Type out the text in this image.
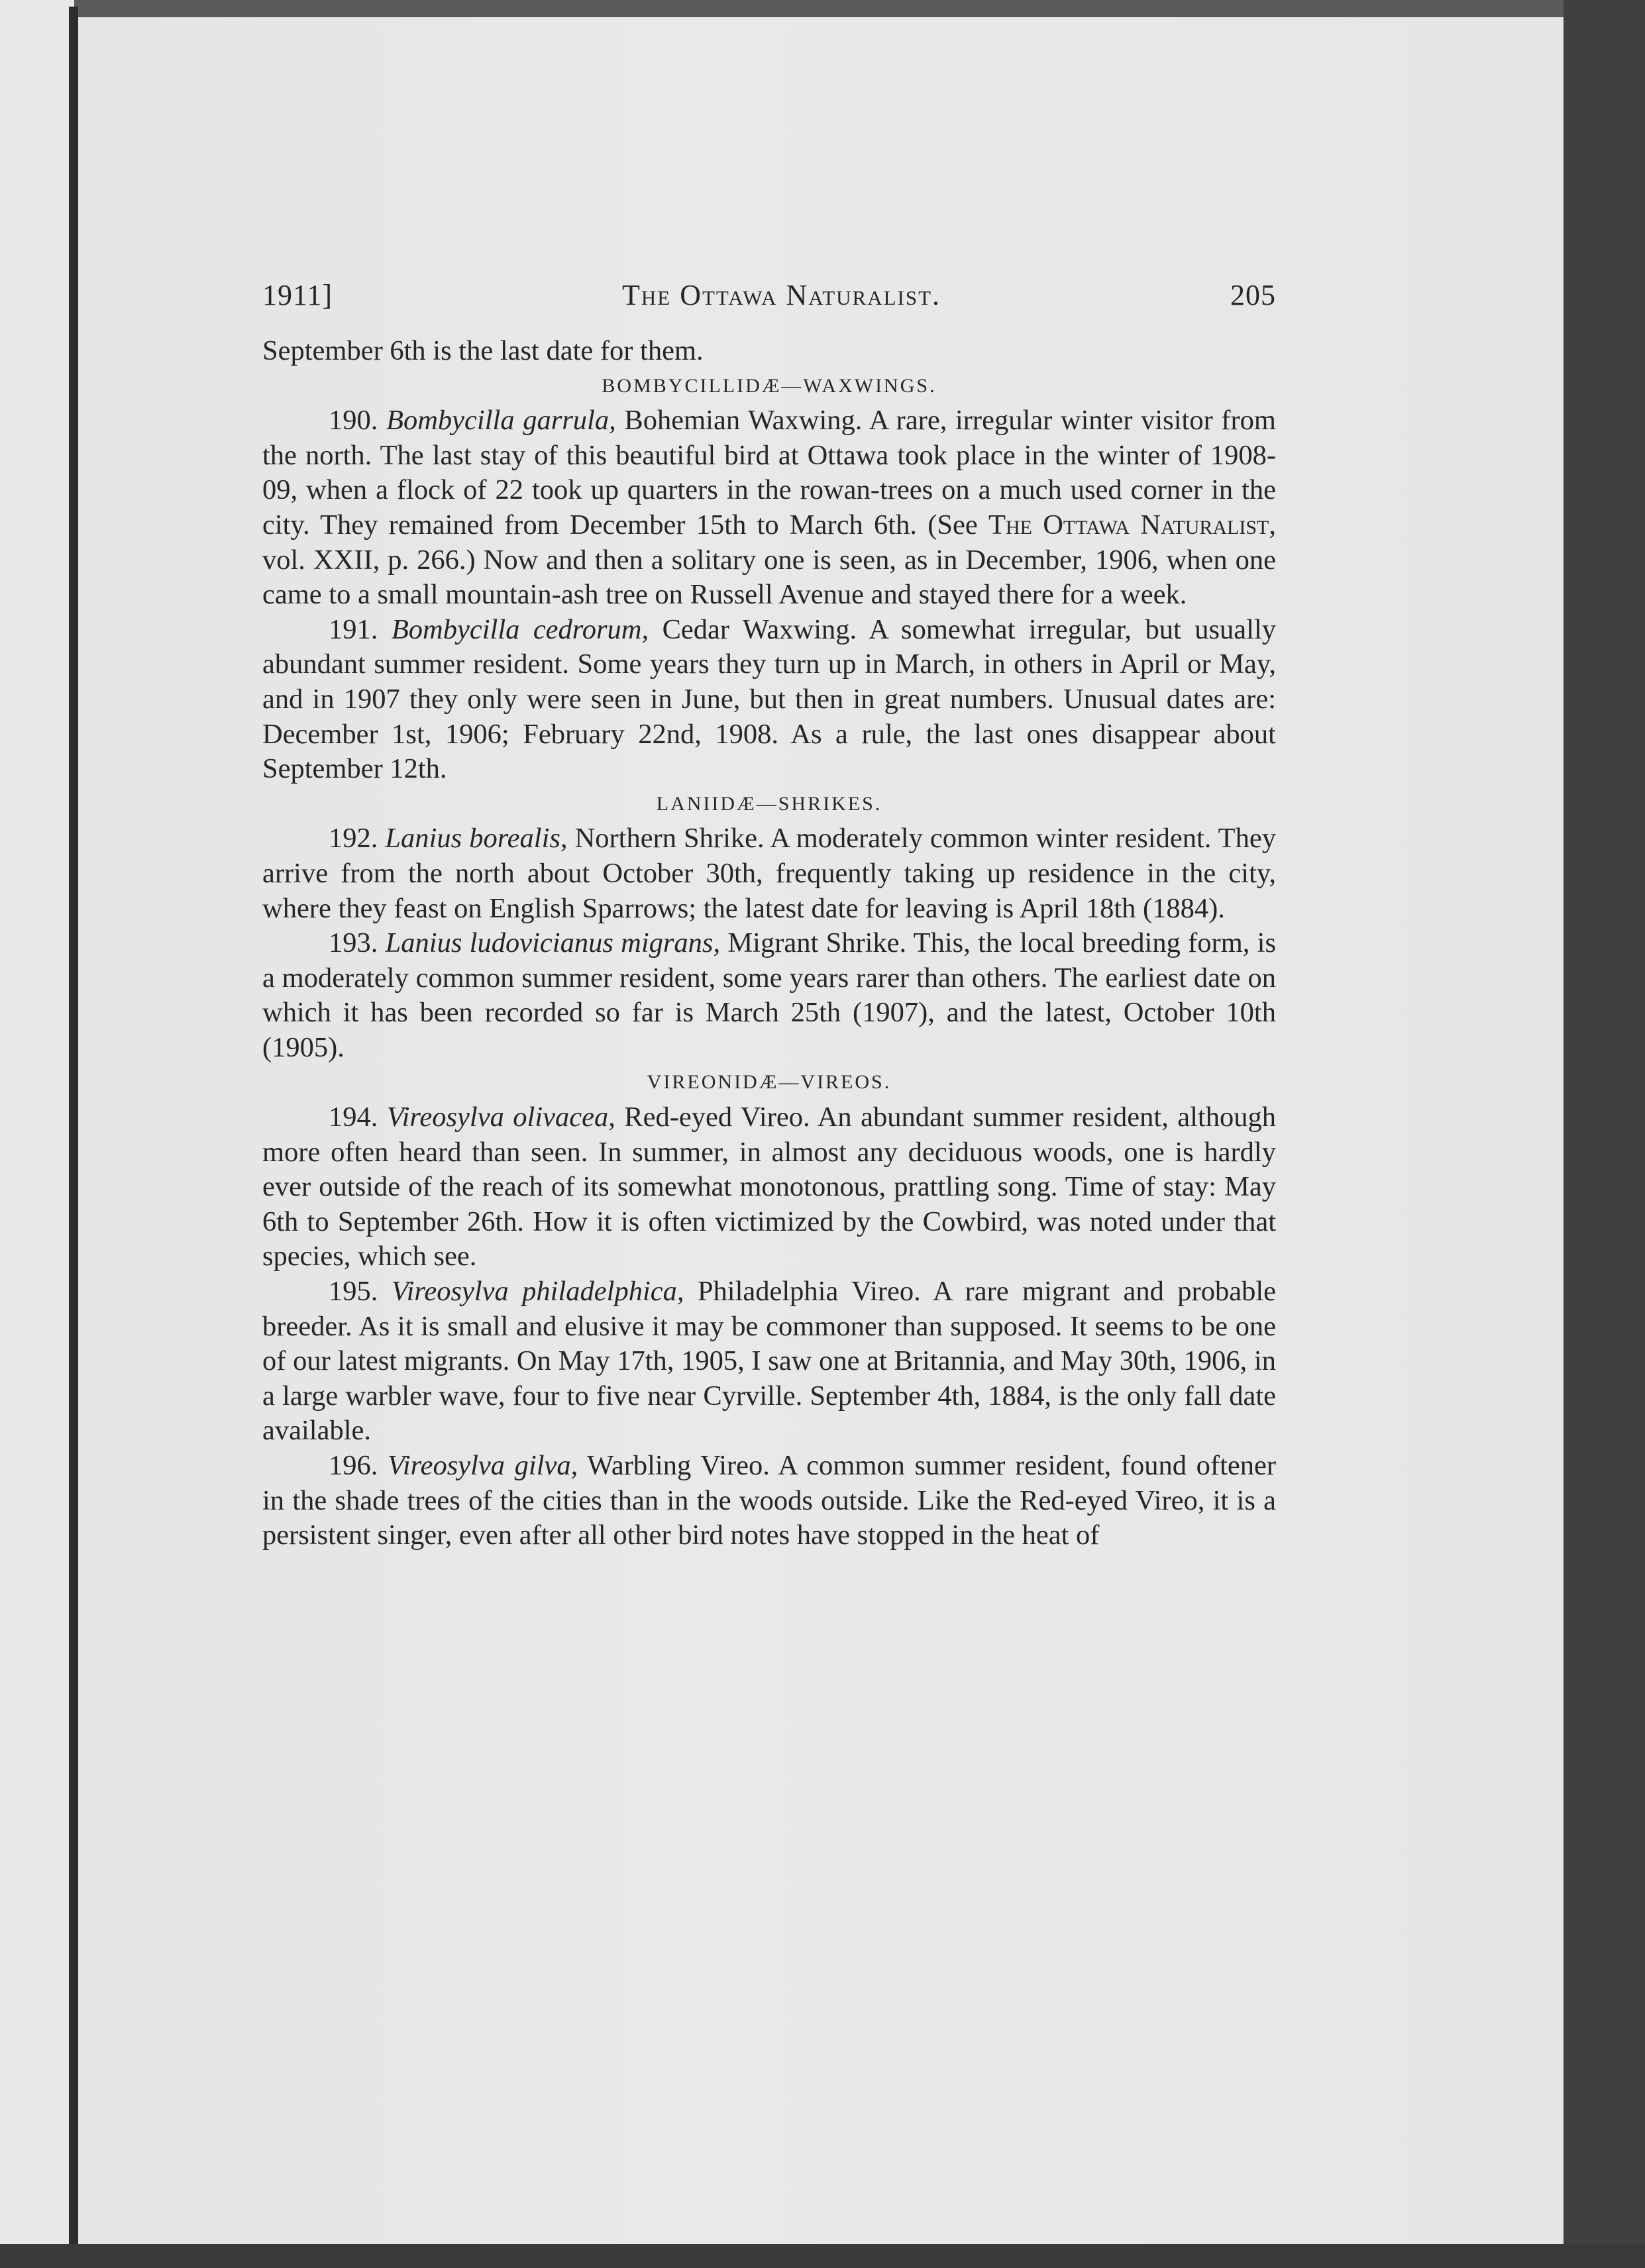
1911]	The Ottawa Naturalist.	205
September 6th is the last date for them.
BOMBYCILLIDÆ—WAXWINGS.

190. Bombycilla garrula, Bohemian Waxwing. A rare, irregular winter visitor from the north. The last stay of this beautiful bird at Ottawa took place in the winter of 1908-09, when a flock of 22 took up quarters in the rowan-trees on a much used corner in the city. They remained from December 15th to March 6th. (See The Ottawa Naturalist, vol. XXII, p. 266.) Now and then a solitary one is seen, as in December, 1906, when one came to a small mountain-ash tree on Russell Avenue and stayed there for a week.

191. Bombycilla cedrorum, Cedar Waxwing. A somewhat irregular, but usually abundant summer resident. Some years they turn up in March, in others in April or May, and in 1907 they only were seen in June, but then in great numbers. Unusual dates are: December 1st, 1906; February 22nd, 1908. As a rule, the last ones disappear about September 12th.

LANIIDÆ—SHRIKES.

192. Lanius borealis, Northern Shrike. A moderately common winter resident. They arrive from the north about October 30th, frequently taking up residence in the city, where they feast on English Sparrows; the latest date for leaving is April 18th (1884).

193. Lanius ludovicianus migrans, Migrant Shrike. This, the local breeding form, is a moderately common summer resident, some years rarer than others. The earliest date on which it has been recorded so far is March 25th (1907), and the latest, October 10th (1905).

VIREONIDÆ—VIREOS.

194. Vireosylva olivacea, Red-eyed Vireo. An abundant summer resident, although more often heard than seen. In summer, in almost any deciduous woods, one is hardly ever outside of the reach of its somewhat monotonous, prattling song. Time of stay: May 6th to September 26th. How it is often victimized by the Cowbird, was noted under that species, which see.

195. Vireosylva philadelphica, Philadelphia Vireo. A rare migrant and probable breeder. As it is small and elusive it may be commoner than supposed. It seems to be one of our latest migrants. On May 17th, 1905, I saw one at Britannia, and May 30th, 1906, in a large warbler wave, four to five near Cyrville. September 4th, 1884, is the only fall date available.

196. Vireosylva gilva, Warbling Vireo. A common summer resident, found oftener in the shade trees of the cities than in the woods outside. Like the Red-eyed Vireo, it is a persistent singer, even after all other bird notes have stopped in the heat of
